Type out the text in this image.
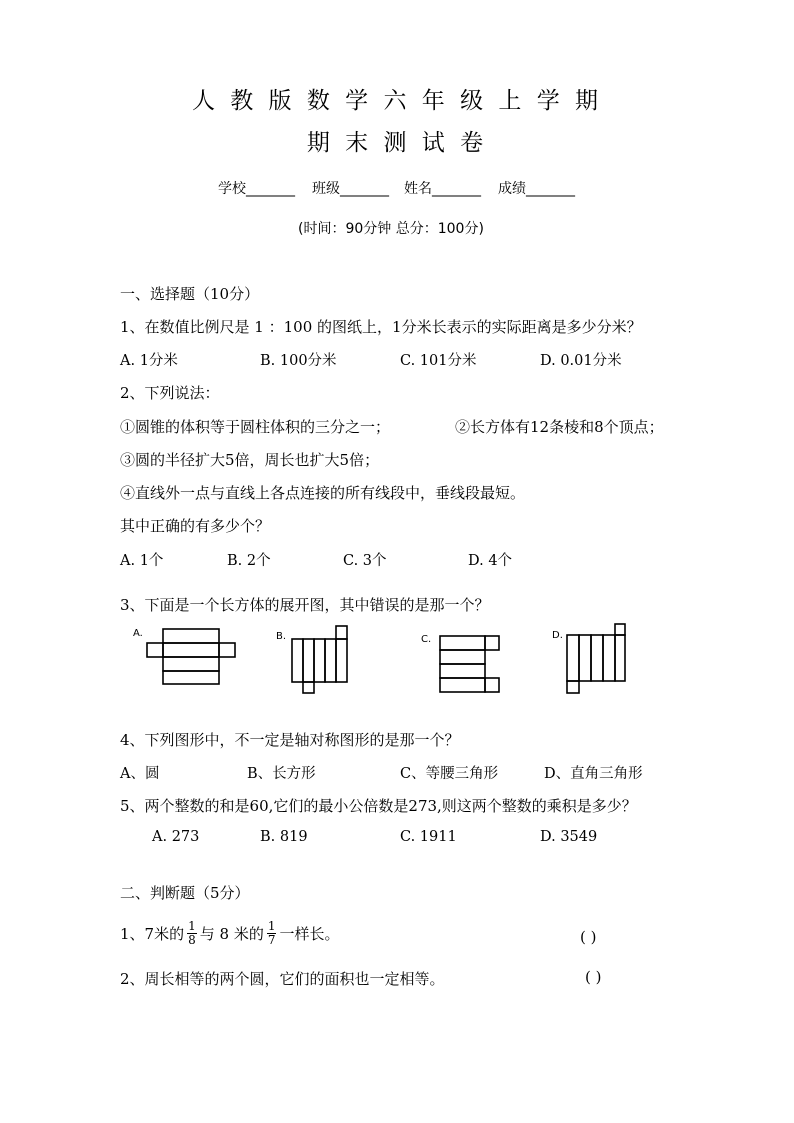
人 教 版 数 学 六 年 级 上 学 期
期 末 测 试 卷
学校_______ 班级_______ 姓名_______ 成绩_______
(时间：90分钟 总分：100分)
一、选择题（10分）
1、在数值比例尺是 1 ：100 的图纸上，1分米长表示的实际距离是多少分米？
A. 1分米	B. 100分米	C. 101分米	D. 0.01分米
2、下列说法：
①圆锥的体积等于圆柱体积的三分之一；	②长方体有12条棱和8个顶点；
③圆的半径扩大5倍，周长也扩大5倍；
④直线外一点与直线上各点连接的所有线段中，垂线段最短。
其中正确的有多少个？
A. 1个	B. 2个	C. 3个	D. 4个
3、下面是一个长方体的展开图，其中错误的是那一个？
A.	B.	C.	D.
4、下列图形中，不一定是轴对称图形的是那一个？
A、圆	B、长方形	C、等腰三角形	D、直角三角形
5、两个整数的和是60,它们的最小公倍数是273,则这两个整数的乘积是多少？
A. 273	B. 819	C. 1911	D. 3549
二、判断题（5分）
1、7米的 $\frac{1}{8}$ 与 8 米的 $\frac{1}{7}$ 一样长。	( )
2、周长相等的两个圆，它们的面积也一定相等。	( )
